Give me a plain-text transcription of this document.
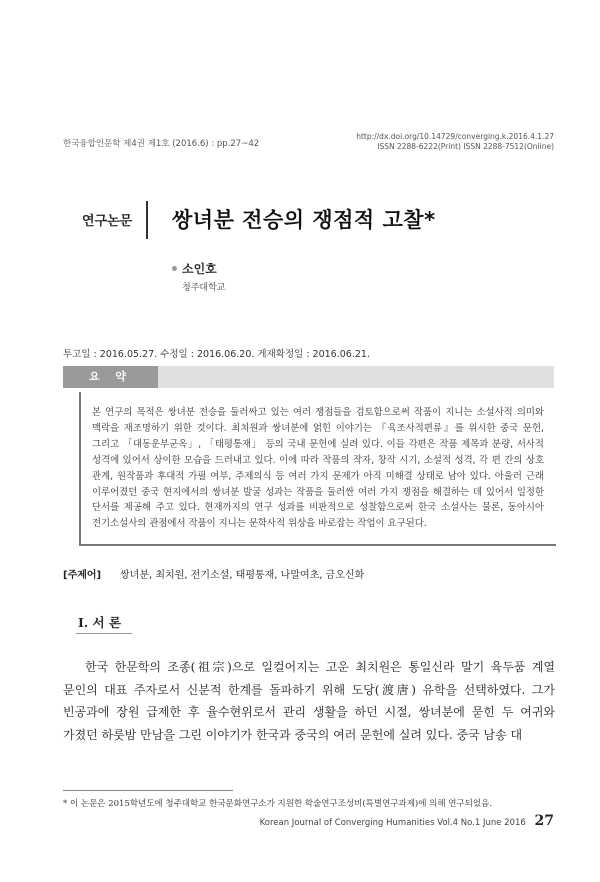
한국융합인문학 제4권 제1호 (2016.6) : pp.27~42
http://dx.doi.org/10.14729/converging.k.2016.4.1.27
ISSN 2288-6222(Print) ISSN 2288-7512(Online)
연구논문 쌍녀분 전승의 쟁점적 고찰*
소인호
청주대학교
투고일 : 2016.05.27. 수정일 : 2016.06.20. 게재확정일 : 2016.06.21.
요 약
본 연구의 목적은 쌍녀분 전승을 둘러싸고 있는 여러 쟁점들을 검토함으로써 작품이 지니는 소설사적 의미와 맥락을 재조명하기 위한 것이다. 최치원과 쌍녀분에 얽힌 이야기는 『육조사적편류』를 위시한 중국 문헌, 그리고 「대동운부군옥」, 「태평통재」 등의 국내 문헌에 실려 있다. 이들 각편은 작품 제목과 분량, 서사적 성격에 있어서 상이한 모습을 드러내고 있다. 이에 따라 작품의 작자, 창작 시기, 소설적 성격, 각 편 간의 상호 관계, 원작품과 후대적 가필 여부, 주제의식 등 여러 가지 문제가 아직 미해결 상태로 남아 있다. 아울러 근래 이루어졌던 중국 현지에서의 쌍녀분 발굴 성과는 작품을 둘러싼 여러 가지 쟁점을 해결하는 데 있어서 일정한 단서를 제공해 주고 있다. 현재까지의 연구 성과를 비판적으로 성찰함으로써 한국 소설사는 물론, 동아시아 전기소설사의 관점에서 작품이 지니는 문학사적 위상을 바로잡는 작업이 요구된다.
[주제어] 쌍녀분, 최치원, 전기소설, 태평통재, 나말여초, 금오신화
Ⅰ. 서 론
한국 한문학의 조종(祖宗)으로 일컬어지는 고운 최치원은 통일신라 말기 육두품 계열 문인의 대표 주자로서 신분적 한계를 돌파하기 위해 도당(渡唐) 유학을 선택하였다. 그가 빈공과에 장원 급제한 후 율수현위로서 관리 생활을 하던 시절, 쌍녀분에 묻힌 두 여귀와 가졌던 하룻밤 만남을 그린 이야기가 한국과 중국의 여러 문헌에 실려 있다. 중국 남송 대
* 이 논문은 2015학년도에 청주대학교 한국문화연구소가 지원한 학술연구조성비(특별연구과제)에 의해 연구되었음.
Korean Journal of Converging Humanities Vol.4 No.1 June 2016 27
